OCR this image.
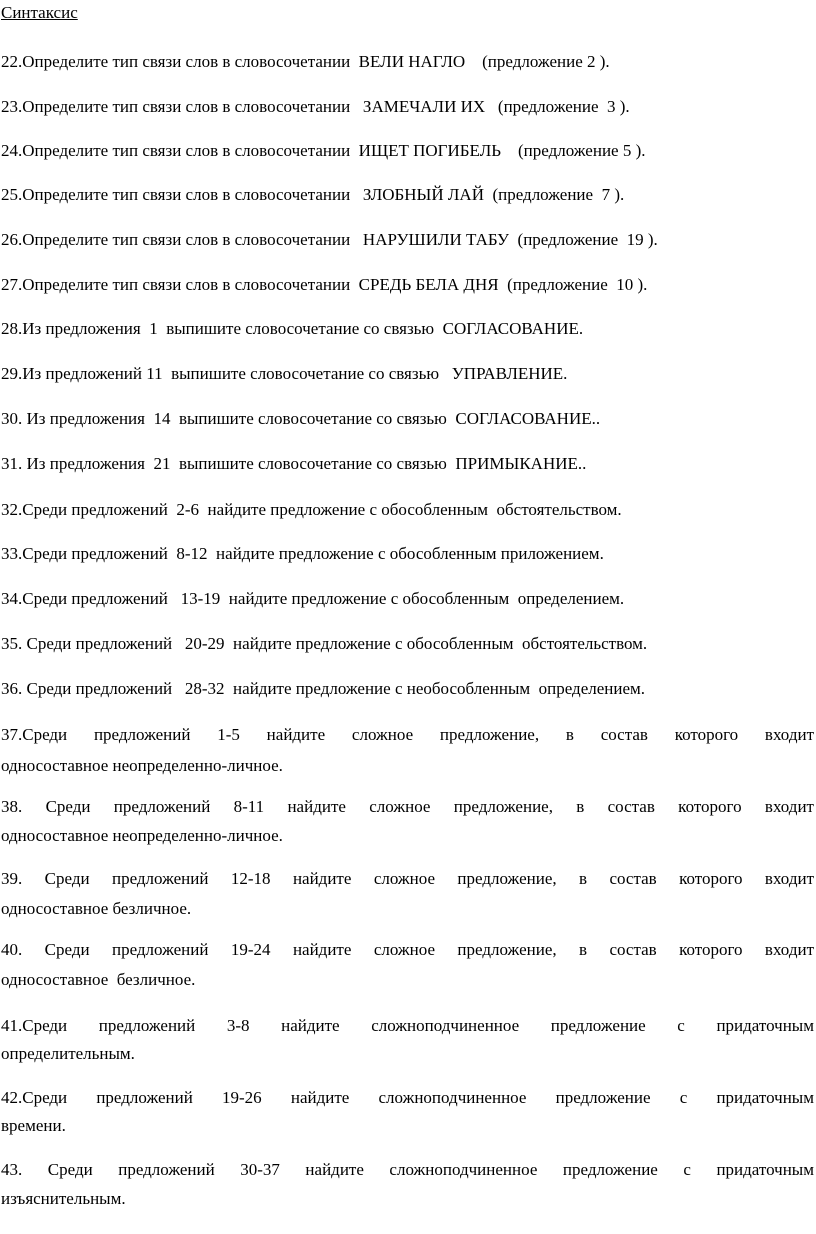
Синтаксис
22.Определите тип связи слов в словосочетании  ВЕЛИ НАГЛО    (предложение 2 ).
23.Определите тип связи слов в словосочетании   ЗАМЕЧАЛИ ИХ   (предложение  3 ).
24.Определите тип связи слов в словосочетании  ИЩЕТ ПОГИБЕЛЬ    (предложение 5 ).
25.Определите тип связи слов в словосочетании   ЗЛОБНЫЙ ЛАЙ  (предложение  7 ).
26.Определите тип связи слов в словосочетании   НАРУШИЛИ ТАБУ  (предложение  19 ).
27.Определите тип связи слов в словосочетании  СРЕДЬ БЕЛА ДНЯ  (предложение  10 ).
28.Из предложения  1  выпишите словосочетание со связью  СОГЛАСОВАНИЕ.
29.Из предложений 11  выпишите словосочетание со связью   УПРАВЛЕНИЕ.
30. Из предложения  14  выпишите словосочетание со связью  СОГЛАСОВАНИЕ..
31. Из предложения  21  выпишите словосочетание со связью  ПРИМЫКАНИЕ..
32.Среди предложений  2-6  найдите предложение с обособленным  обстоятельством.
33.Среди предложений  8-12  найдите предложение с обособленным приложением.
34.Среди предложений   13-19  найдите предложение с обособленным  определением.
35. Среди предложений   20-29  найдите предложение с обособленным  обстоятельством.
36. Среди предложений   28-32  найдите предложение с необособленным  определением.
37.Среди предложений 1-5 найдите сложное предложение, в состав которого входит
односоставное неопределенно-личное.
38. Среди предложений 8-11 найдите сложное предложение, в состав которого входит
односоставное неопределенно-личное.
39. Среди предложений 12-18 найдите сложное предложение, в состав которого входит
односоставное безличное.
40. Среди предложений 19-24 найдите сложное предложение, в состав которого входит
односоставное  безличное.
41.Среди предложений 3-8 найдите сложноподчиненное предложение с придаточным
определительным.
42.Среди предложений 19-26 найдите сложноподчиненное предложение с придаточным
времени.
43. Среди предложений 30-37 найдите сложноподчиненное предложение с придаточным
изъяснительным.
